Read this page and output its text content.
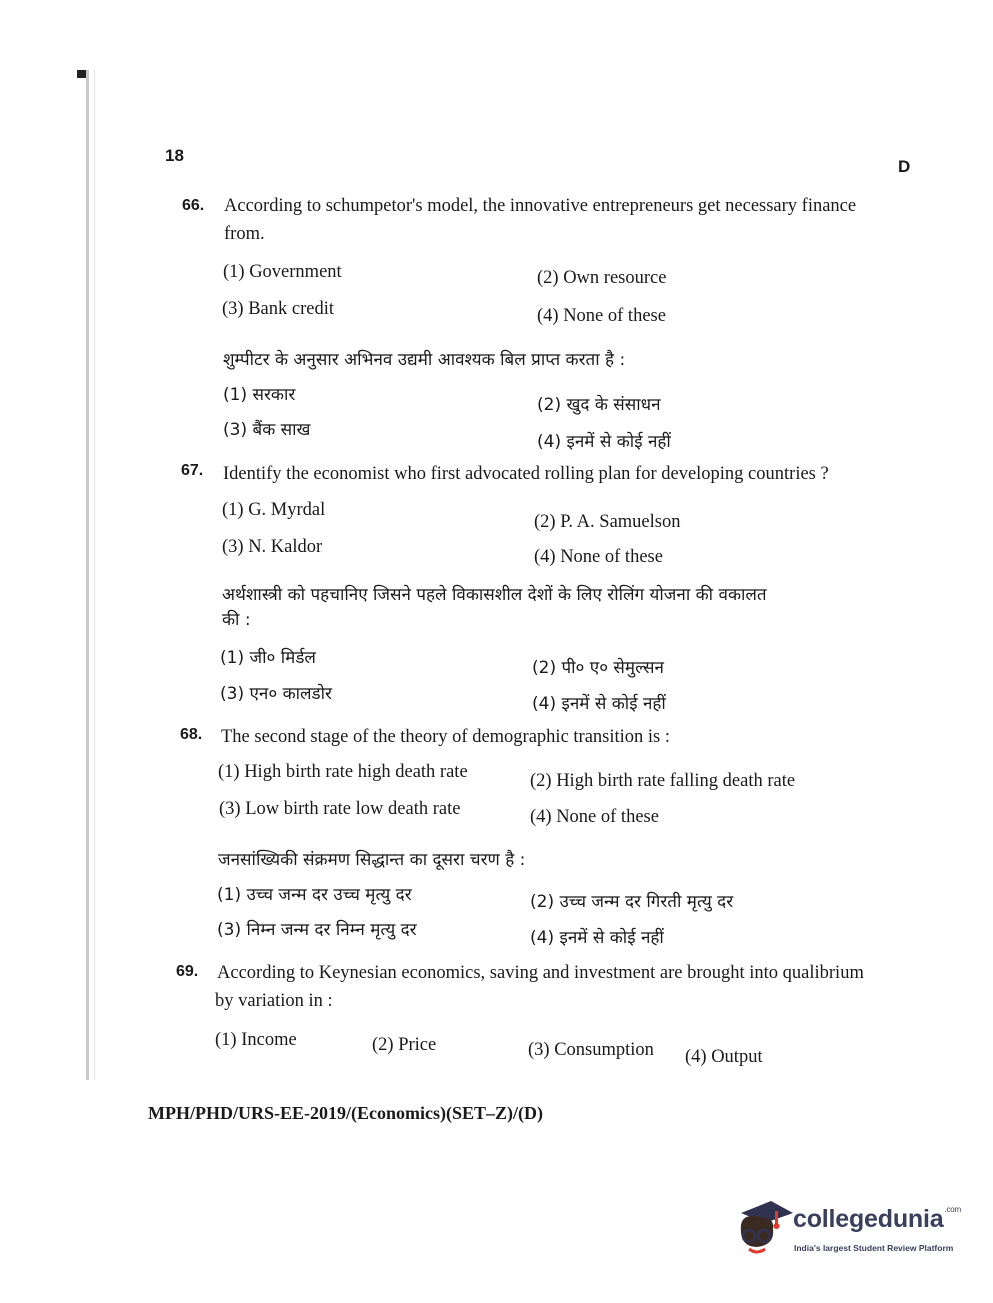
18
D
66. According to schumpetor's model, the innovative entrepreneurs get necessary finance
from.
(1) Government	(2) Own resource
(3) Bank credit	(4) None of these
शुम्पीटर के अनुसार अभिनव उद्यमी आवश्यक बिल प्राप्त करता है :
(1) सरकार	(2) खुद के संसाधन
(3) बैंक साख
(4) इनमें से कोई नहीं
67. Identify the economist who first advocated rolling plan for developing countries ?
(1) G. Myrdal
(2) P. A. Samuelson
(3) N. Kaldor	(4) None of these
अर्थशास्त्री को पहचानिए जिसने पहले विकासशील देशों के लिए रोलिंग योजना की वकालत
की :
(1) जी० मिर्डल	(2) पी० ए० सेमुल्सन
(3) एन० कालडोर	(4) इनमें से कोई नहीं
68. The second stage of the theory of demographic transition is :
(1) High birth rate high death rate	(2) High birth rate falling death rate
(3) Low birth rate low death rate	(4) None of these
जनसांख्यिकी संक्रमण सिद्धान्त का दूसरा चरण है :
(1) उच्च जन्म दर उच्च मृत्यु दर	(2) उच्च जन्म दर गिरती मृत्यु दर
(3) निम्न जन्म दर निम्न मृत्यु दर	(4) इनमें से कोई नहीं
69. According to Keynesian economics, saving and investment are brought into qualibrium
by variation in :
(1) Income	(2) Price	(3) Consumption (4) Output
MPH/PHD/URS-EE-2019/(Economics)(SET–Z)/(D)
collegedunia$^{.com}$
India's largest Student Review Platform
